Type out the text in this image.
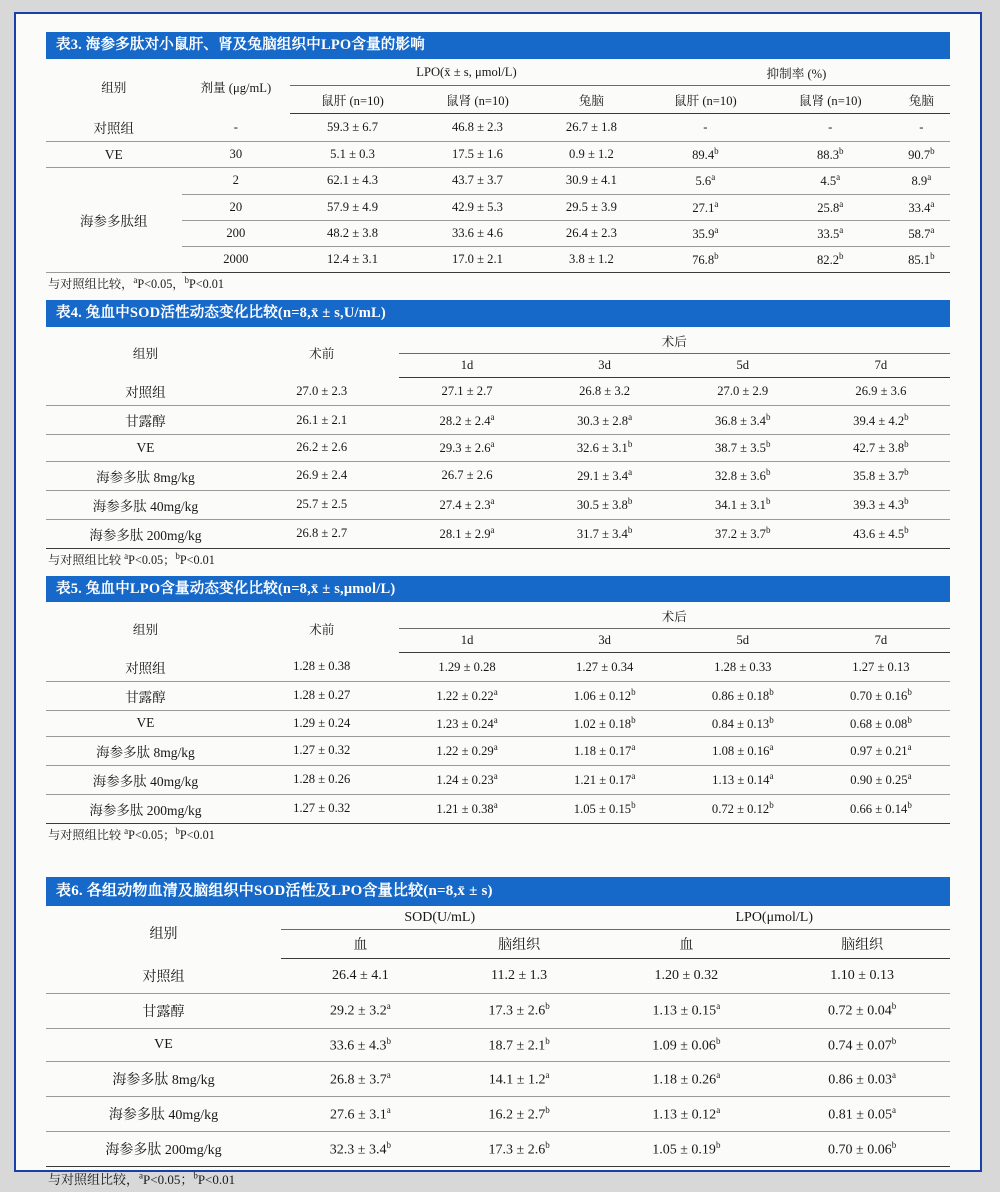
表3. 海参多肽对小鼠肝、肾及兔脑组织中LPO含量的影响
组别	剂量 (μg/mL)	LPO(x̄ ± s, μmol/L)			抑制率 (%)		
		鼠肝 (n=10)	鼠肾 (n=10)	兔脑	鼠肝 (n=10)	鼠肾 (n=10)	兔脑
对照组	-	59.3 ± 6.7	46.8 ± 2.3	26.7 ± 1.8	-	-	-
VE	30	5.1 ± 0.3	17.5 ± 1.6	0.9 ± 1.2	89.4$^b$	88.3$^b$	90.7$^b$
海参多肽组	2	62.1 ± 4.3	43.7 ± 3.7	30.9 ± 4.1	5.6$^a$	4.5$^a$	8.9$^a$
	20	57.9 ± 4.9	42.9 ± 5.3	29.5 ± 3.9	27.1$^a$	25.8$^a$	33.4$^a$
	200	48.2 ± 3.8	33.6 ± 4.6	26.4 ± 2.3	35.9$^a$	33.5$^a$	58.7$^a$
	2000	12.4 ± 3.1	17.0 ± 2.1	3.8 ± 1.2	76.8$^b$	82.2$^b$	85.1$^b$
与对照组比较，$^a$P<0.05，$^b$P<0.01
表4. 兔血中SOD活性动态变化比较(n=8,x̄ ± s,U/mL)
组别	术前	术后			
		1d	3d	5d	7d
对照组	27.0 ± 2.3	27.1 ± 2.7	26.8 ± 3.2	27.0 ± 2.9	26.9 ± 3.6
甘露醇	26.1 ± 2.1	28.2 ± 2.4$^a$	30.3 ± 2.8$^a$	36.8 ± 3.4$^b$	39.4 ± 4.2$^b$
VE	26.2 ± 2.6	29.3 ± 2.6$^a$	32.6 ± 3.1$^b$	38.7 ± 3.5$^b$	42.7 ± 3.8$^b$
海参多肽 8mg/kg	26.9 ± 2.4	26.7 ± 2.6	29.1 ± 3.4$^a$	32.8 ± 3.6$^b$	35.8 ± 3.7$^b$
海参多肽 40mg/kg	25.7 ± 2.5	27.4 ± 2.3$^a$	30.5 ± 3.8$^b$	34.1 ± 3.1$^b$	39.3 ± 4.3$^b$
海参多肽 200mg/kg	26.8 ± 2.7	28.1 ± 2.9$^a$	31.7 ± 3.4$^b$	37.2 ± 3.7$^b$	43.6 ± 4.5$^b$
与对照组比较 $^a$P<0.05；$^b$P<0.01
表5. 兔血中LPO含量动态变化比较(n=8,x̄ ± s,μmol/L)
组别	术前	术后			
		1d	3d	5d	7d
对照组	1.28 ± 0.38	1.29 ± 0.28	1.27 ± 0.34	1.28 ± 0.33	1.27 ± 0.13
甘露醇	1.28 ± 0.27	1.22 ± 0.22$^a$	1.06 ± 0.12$^b$	0.86 ± 0.18$^b$	0.70 ± 0.16$^b$
VE	1.29 ± 0.24	1.23 ± 0.24$^a$	1.02 ± 0.18$^b$	0.84 ± 0.13$^b$	0.68 ± 0.08$^b$
海参多肽 8mg/kg	1.27 ± 0.32	1.22 ± 0.29$^a$	1.18 ± 0.17$^a$	1.08 ± 0.16$^a$	0.97 ± 0.21$^a$
海参多肽 40mg/kg	1.28 ± 0.26	1.24 ± 0.23$^a$	1.21 ± 0.17$^a$	1.13 ± 0.14$^a$	0.90 ± 0.25$^a$
海参多肽 200mg/kg	1.27 ± 0.32	1.21 ± 0.38$^a$	1.05 ± 0.15$^b$	0.72 ± 0.12$^b$	0.66 ± 0.14$^b$
与对照组比较 $^a$P<0.05；$^b$P<0.01
表6. 各组动物血清及脑组织中SOD活性及LPO含量比较(n=8,x̄ ± s)
组别	SOD(U/mL)		LPO(μmol/L)	
	血	脑组织	血	脑组织
对照组	26.4 ± 4.1	11.2 ± 1.3	1.20 ± 0.32	1.10 ± 0.13
甘露醇	29.2 ± 3.2$^a$	17.3 ± 2.6$^b$	1.13 ± 0.15$^a$	0.72 ± 0.04$^b$
VE	33.6 ± 4.3$^b$	18.7 ± 2.1$^b$	1.09 ± 0.06$^b$	0.74 ± 0.07$^b$
海参多肽 8mg/kg	26.8 ± 3.7$^a$	14.1 ± 1.2$^a$	1.18 ± 0.26$^a$	0.86 ± 0.03$^a$
海参多肽 40mg/kg	27.6 ± 3.1$^a$	16.2 ± 2.7$^b$	1.13 ± 0.12$^a$	0.81 ± 0.05$^a$
海参多肽 200mg/kg	32.3 ± 3.4$^b$	17.3 ± 2.6$^b$	1.05 ± 0.19$^b$	0.70 ± 0.06$^b$
与对照组比较，$^a$P<0.05；$^b$P<0.01
